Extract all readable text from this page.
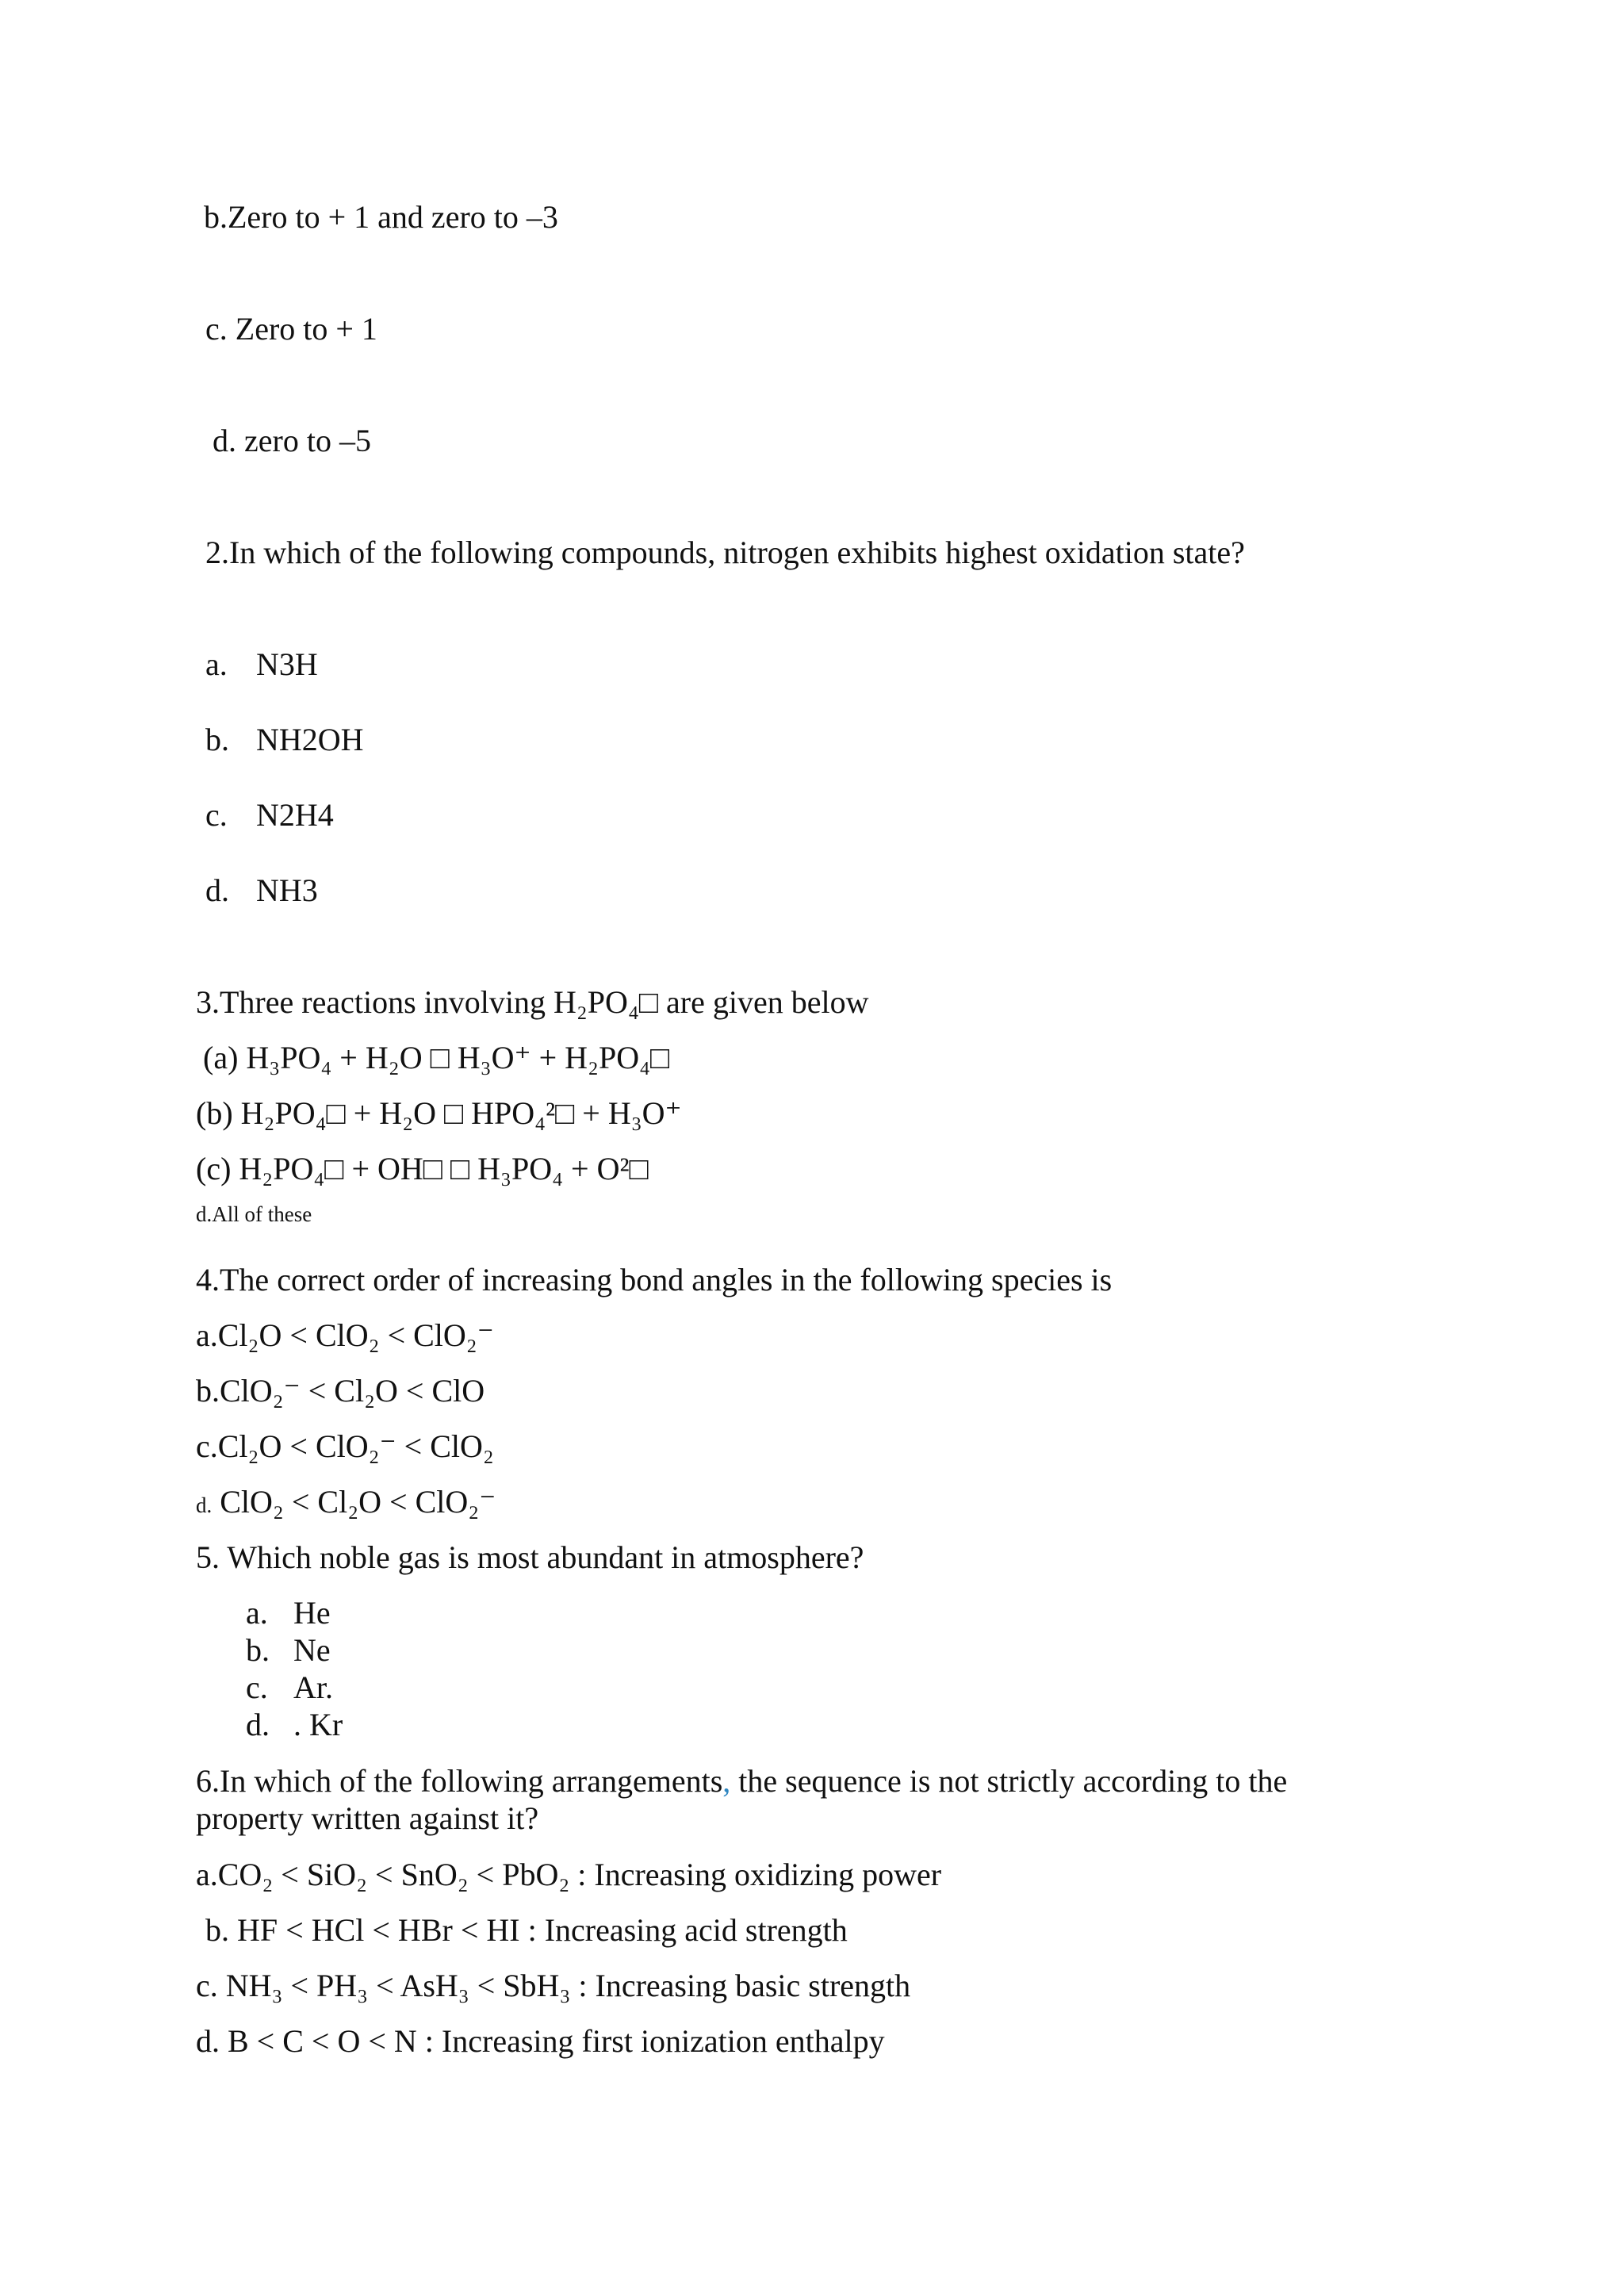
b.Zero to + 1 and zero to –3
c. Zero to + 1
d. zero to –5
2.In which of the following compounds, nitrogen exhibits highest oxidation state?
a. N3H
b. NH2OH
c. N2H4
d. NH3
3.Three reactions involving H₂PO₄□ are given below
(a) H₃PO₄ + H₂O □ H₃O⁺ + H₂PO₄□
(b) H₂PO₄□ + H₂O □ HPO₄²□ + H₃O⁺
(c) H₂PO₄□ + OH□ □ H₃PO₄ + O²□
d.All of these
4.The correct order of increasing bond angles in the following species is
a.Cl₂O < ClO₂ < ClO₂⁻
b.ClO₂⁻ < Cl₂O < ClO
c.Cl₂O < ClO₂⁻ < ClO₂
d. ClO₂ < Cl₂O < ClO₂⁻
5. Which noble gas is most abundant in atmosphere?
a. He
b. Ne
c. Ar.
d. . Kr
6.In which of the following arrangements, the sequence is not strictly according to the
property written against it?
a.CO₂ < SiO₂ < SnO₂ < PbO₂ : Increasing oxidizing power
b. HF < HCl < HBr < HI : Increasing acid strength
c. NH₃ < PH₃ < AsH₃ < SbH₃ : Increasing basic strength
d. B < C < O < N : Increasing first ionization enthalpy
